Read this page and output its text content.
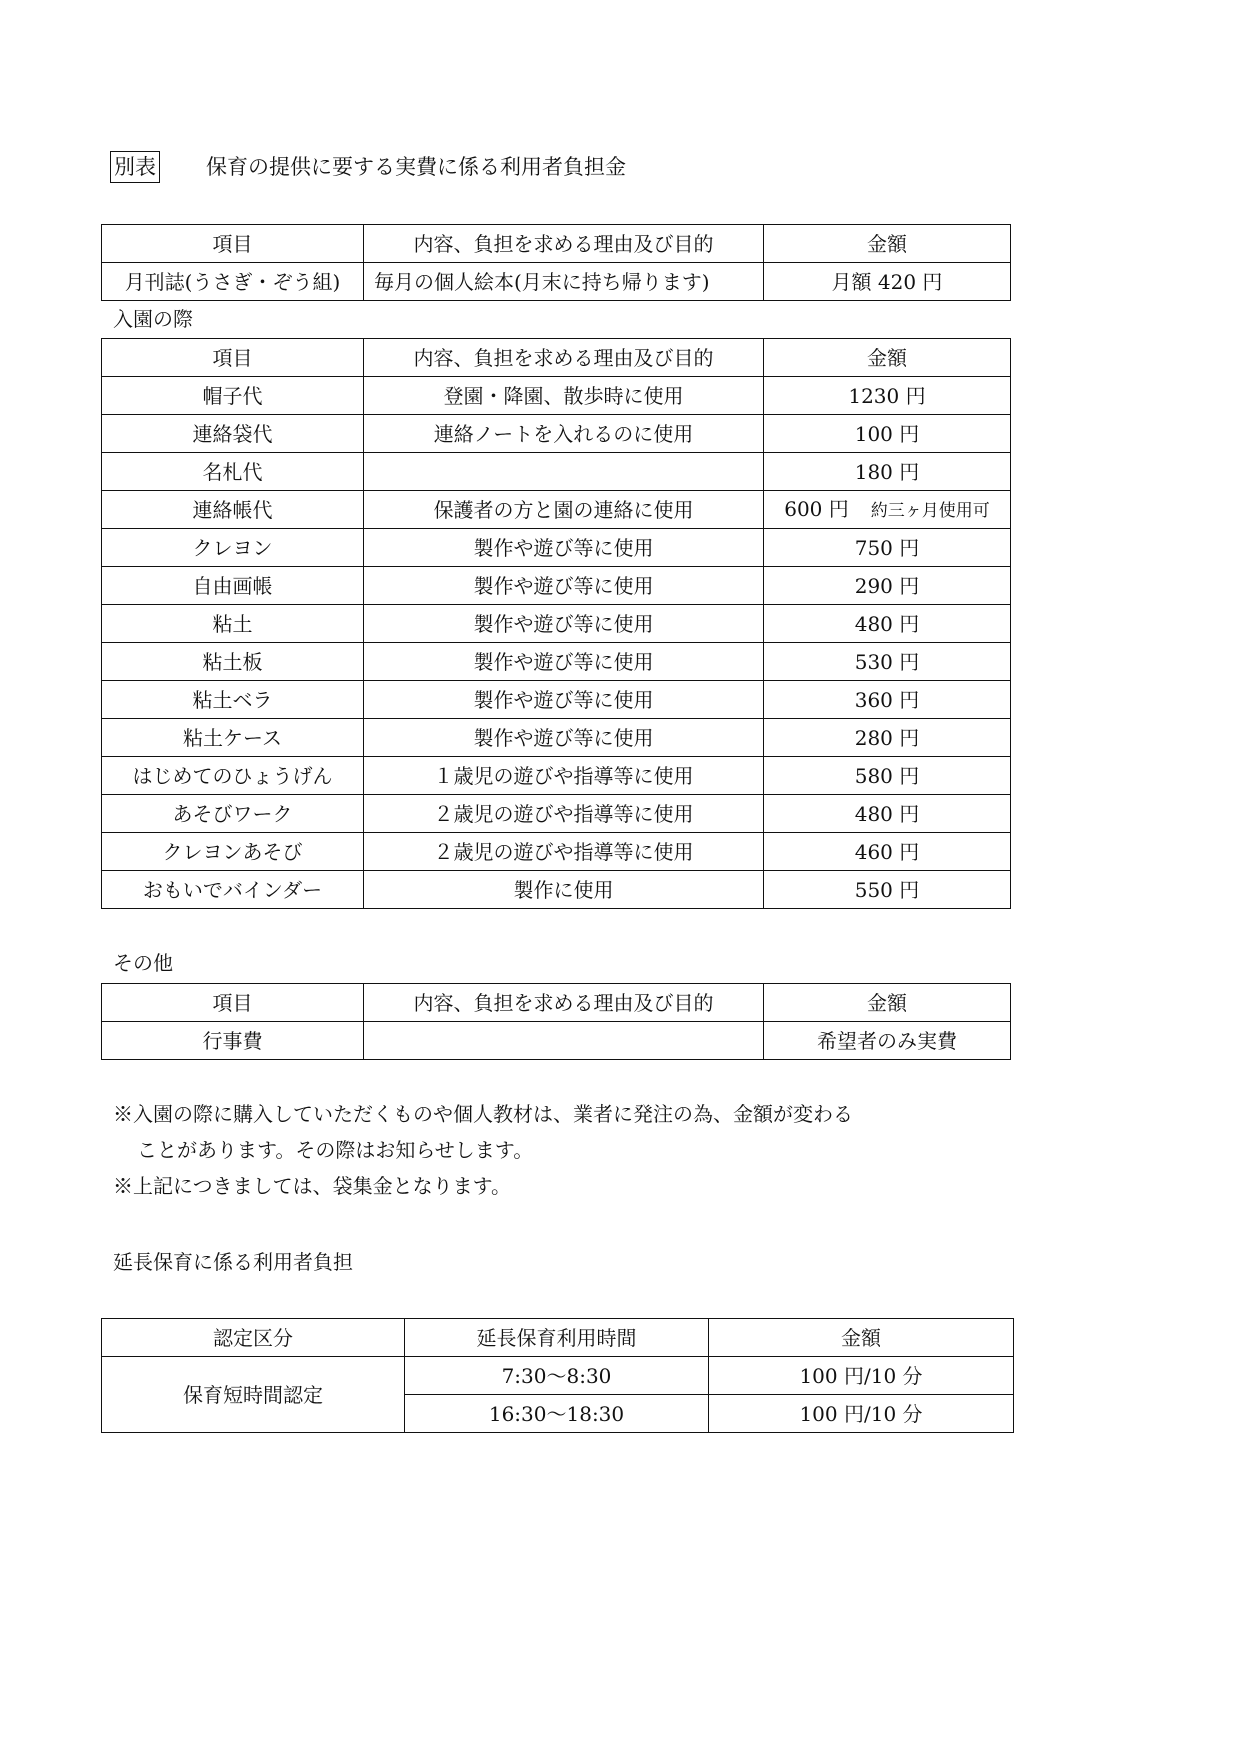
別表 保育の提供に要する実費に係る利用者負担金
項目	内容、負担を求める理由及び目的	金額
月刊誌(うさぎ・ぞう組)	毎月の個人絵本(月末に持ち帰ります)	月額 420 円
入園の際
項目	内容、負担を求める理由及び目的	金額
帽子代	登園・降園、散歩時に使用	1230 円
連絡袋代	連絡ノートを入れるのに使用	100 円
名札代		180 円
連絡帳代	保護者の方と園の連絡に使用	600 円 約三ヶ月使用可
クレヨン	製作や遊び等に使用	750 円
自由画帳	製作や遊び等に使用	290 円
粘土	製作や遊び等に使用	480 円
粘土板	製作や遊び等に使用	530 円
粘土ベラ	製作や遊び等に使用	360 円
粘土ケース	製作や遊び等に使用	280 円
はじめてのひょうげん	１歳児の遊びや指導等に使用	580 円
あそびワーク	２歳児の遊びや指導等に使用	480 円
クレヨンあそび	２歳児の遊びや指導等に使用	460 円
おもいでバインダー	製作に使用	550 円
その他
項目	内容、負担を求める理由及び目的	金額
行事費		希望者のみ実費
※入園の際に購入していただくものや個人教材は、業者に発注の為、金額が変わる
ことがあります。その際はお知らせします。
※上記につきましては、袋集金となります。
延長保育に係る利用者負担
認定区分	延長保育利用時間	金額
保育短時間認定	7:30～8:30	100 円/10 分
	16:30～18:30	100 円/10 分
